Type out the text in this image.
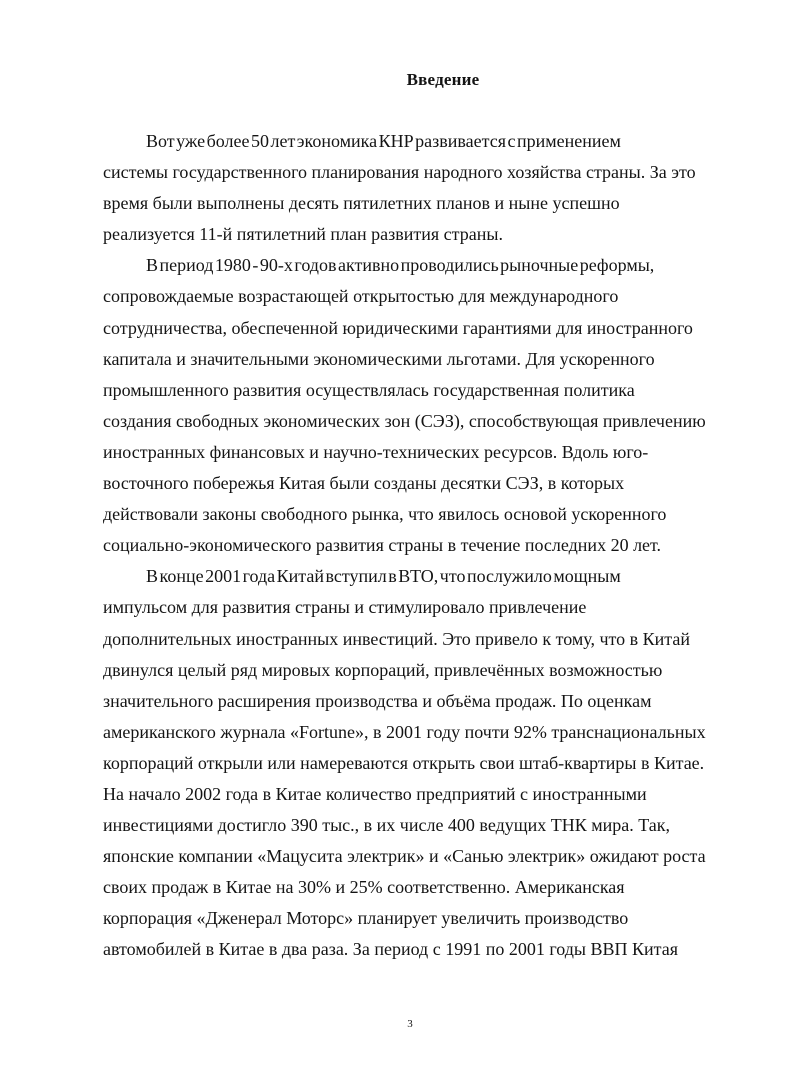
Введение
Вот уже более 50 лет экономика КНР развивается с применением
системы государственного планирования народного хозяйства страны. За это
время были выполнены десять пятилетних планов и ныне успешно
реализуется 11-й пятилетний план развития страны.
В период 1980 - 90-х годов активно проводились рыночные реформы,
сопровождаемые возрастающей открытостью для международного
сотрудничества, обеспеченной юридическими гарантиями для иностранного
капитала и значительными экономическими льготами. Для ускоренного
промышленного развития осуществлялась государственная политика
создания свободных экономических зон (СЭЗ), способствующая привлечению
иностранных финансовых и научно-технических ресурсов. Вдоль юго-
восточного побережья Китая были созданы десятки СЭЗ, в которых
действовали законы свободного рынка, что явилось основой ускоренного
социально-экономического развития страны в течение последних 20 лет.
В конце 2001 года Китай вступил в ВТО, что послужило мощным
импульсом для развития страны и стимулировало привлечение
дополнительных иностранных инвестиций. Это привело к тому, что в Китай
двинулся целый ряд мировых корпораций, привлечённых возможностью
значительного расширения производства и объёма продаж. По оценкам
американского журнала «Fortune», в 2001 году почти 92% транснациональных
корпораций открыли или намереваются открыть свои штаб-квартиры в Китае.
На начало 2002 года в Китае количество предприятий с иностранными
инвестициями достигло 390 тыс., в их числе 400 ведущих ТНК мира. Так,
японские компании «Мацусита электрик» и «Санью электрик» ожидают роста
своих продаж в Китае на 30% и 25% соответственно. Американская
корпорация «Дженерал Моторс» планирует увеличить производство
автомобилей в Китае в два раза. За период с 1991 по 2001 годы ВВП Китая
3
